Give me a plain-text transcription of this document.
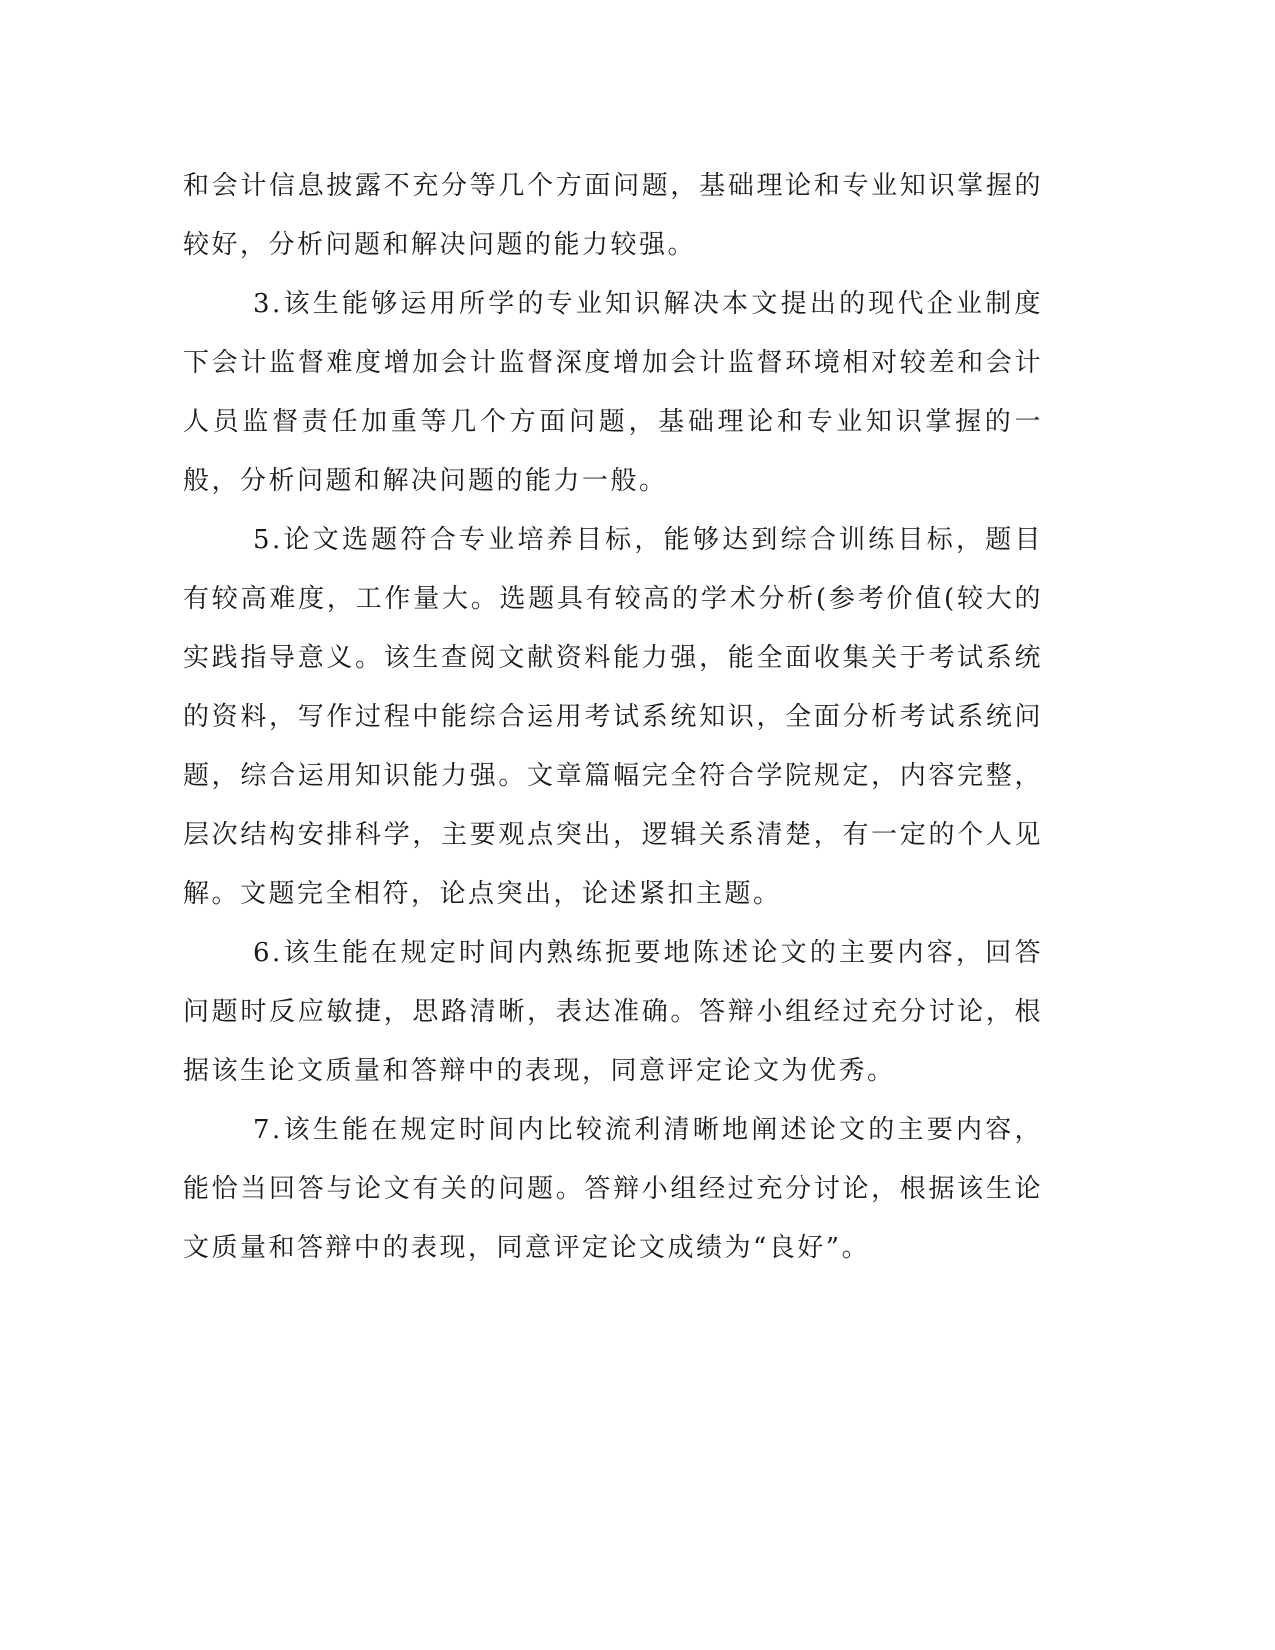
和会计信息披露不充分等几个方面问题，基础理论和专业知识掌握的较好，分析问题和解决问题的能力较强。

3.该生能够运用所学的专业知识解决本文提出的现代企业制度下会计监督难度增加会计监督深度增加会计监督环境相对较差和会计人员监督责任加重等几个方面问题，基础理论和专业知识掌握的一般，分析问题和解决问题的能力一般。

5.论文选题符合专业培养目标，能够达到综合训练目标，题目有较高难度，工作量大。选题具有较高的学术分析(参考价值(较大的实践指导意义。该生查阅文献资料能力强，能全面收集关于考试系统的资料，写作过程中能综合运用考试系统知识，全面分析考试系统问题，综合运用知识能力强。文章篇幅完全符合学院规定，内容完整，层次结构安排科学，主要观点突出，逻辑关系清楚，有一定的个人见解。文题完全相符，论点突出，论述紧扣主题。

6.该生能在规定时间内熟练扼要地陈述论文的主要内容，回答问题时反应敏捷，思路清晰，表达准确。答辩小组经过充分讨论，根据该生论文质量和答辩中的表现，同意评定论文为优秀。

7.该生能在规定时间内比较流利清晰地阐述论文的主要内容，能恰当回答与论文有关的问题。答辩小组经过充分讨论，根据该生论文质量和答辩中的表现，同意评定论文成绩为“良好”。
